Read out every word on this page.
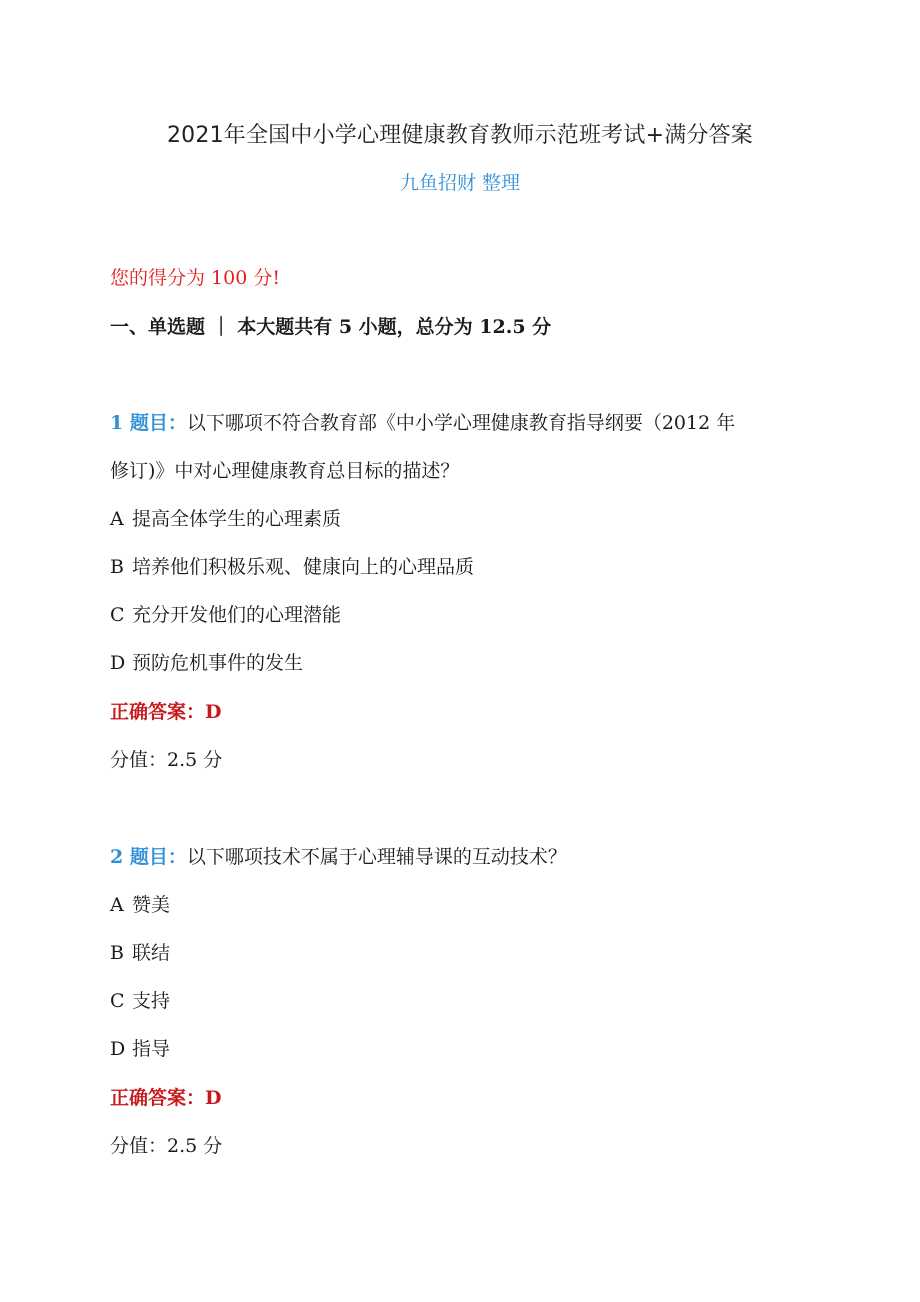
2021年全国中小学心理健康教育教师示范班考试+满分答案
九鱼招财 整理
您的得分为 100 分!
一、单选题 ｜ 本大题共有 5 小题，总分为 12.5 分
1 题目：以下哪项不符合教育部《中小学心理健康教育指导纲要（2012 年
修订)》中对心理健康教育总目标的描述？
A 提高全体学生的心理素质
B 培养他们积极乐观、健康向上的心理品质
C 充分开发他们的心理潜能
D 预防危机事件的发生
正确答案：D
分值：2.5 分
2 题目：以下哪项技术不属于心理辅导课的互动技术？
A 赞美
B 联结
C 支持
D 指导
正确答案：D
分值：2.5 分
